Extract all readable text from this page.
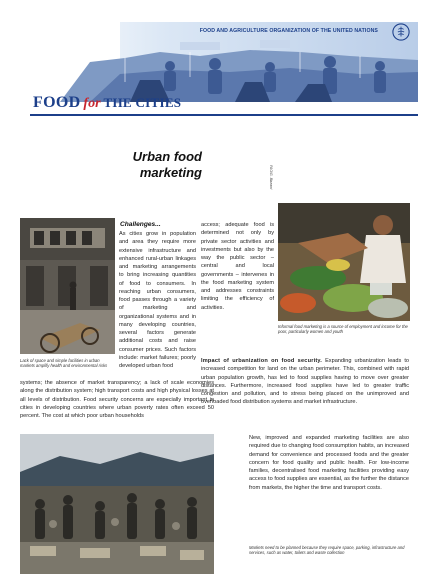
FOOD AND AGRICULTURE ORGANIZATION OF THE UNITED NATIONS
FOOD for THE CITIES
Urban food marketing
Lack of space and simple facilities in urban markets amplify health and environmental risks
Challenges...
As cities grow in population and area they require more extensive infrastructure and enhanced rural-urban linkages and marketing arrangements to bring increasing quantities of food to consumers. In reaching urban consumers, food passes through a variety of marketing and organizational systems and in many developing countries, several factors generate additional costs and raise consumer prices. Such factors include: market failures; poorly developed urban food
access; adequate food is determined not only by private sector activities and investments but also by the way the public sector – central and local governments – intervenes in the food marketing system and addresses constraints limiting the efficiency of activities.
FAO/G. Bizzarri
Informal food marketing is a source of employment and income for the poor, particularly women and youth
systems; the absence of market transparency; a lack of scale economies along the distribution system; high transport costs and high physical losses at all levels of distribution. Food security concerns are especially important in cities in developing countries where urban poverty rates often exceed 50 percent. The cost at which poor urban households
Impact of urbanization on food security. Expanding urbanization leads to increased competition for land on the urban perimeter. This, combined with rapid urban population growth, has led to food supplies having to move over greater distances. Furthermore, increased food supplies have led to greater traffic congestion and pollution, and to stress being placed on the unimproved and overloaded food distribution systems and market infrastructure.
New, improved and expanded marketing facilities are also required due to changing food consumption habits, an increased demand for convenience and processed foods and the greater concern for food quality and public health. For low-income families, decentralised food marketing facilities providing easy access to food supplies are essential, as the further the distance from markets, the higher the time and transport costs.
Markets need to be planned because they require space, parking, infrastructure and services, such as water, toilets and waste collection
